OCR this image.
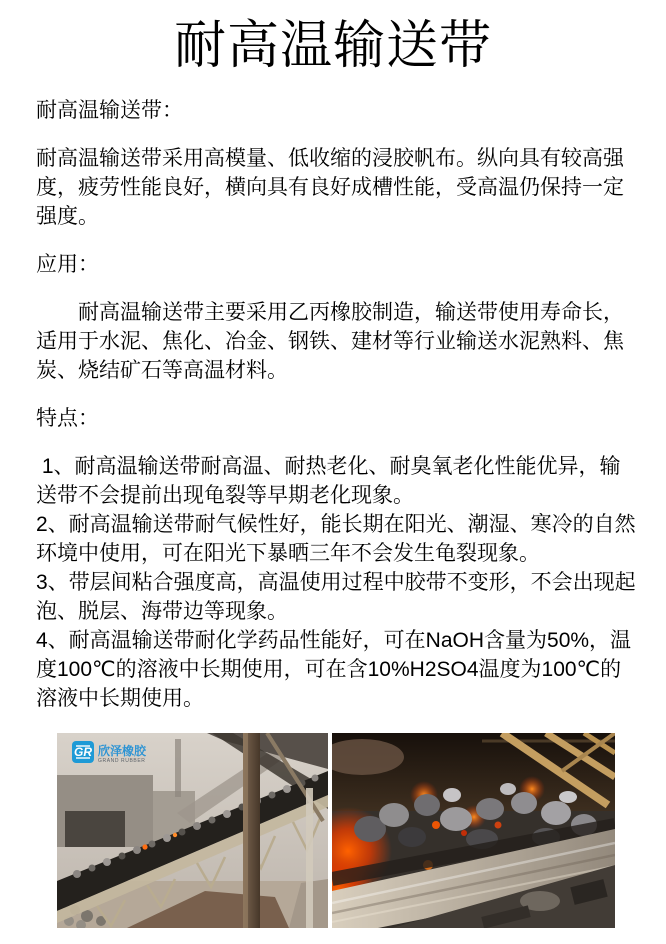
耐高温输送带

耐高温输送带：

耐高温输送带采用高模量、低收缩的浸胶帆布。纵向具有较高强度，疲劳性能良好，横向具有良好成槽性能，受高温仍保持一定强度。

应用：

　　耐高温输送带主要采用乙丙橡胶制造，输送带使用寿命长，适用于水泥、焦化、冶金、钢铁、建材等行业输送水泥熟料、焦炭、烧结矿石等高温材料。

特点：

1、耐高温输送带耐高温、耐热老化、耐臭氧老化性能优异，输送带不会提前出现龟裂等早期老化现象。

2、耐高温输送带耐气候性好，能长期在阳光、潮湿、寒冷的自然环境中使用，可在阳光下暴晒三年不会发生龟裂现象。

3、带层间粘合强度高，高温使用过程中胶带不变形，不会出现起泡、脱层、海带边等现象。

4、耐高温输送带耐化学药品性能好，可在NaOH含量为50%，温度100℃的溶液中长期使用，可在含10%H2SO4温度为100℃的溶液中长期使用。

GR 欣泽橡胶
GRAND RUBBER
